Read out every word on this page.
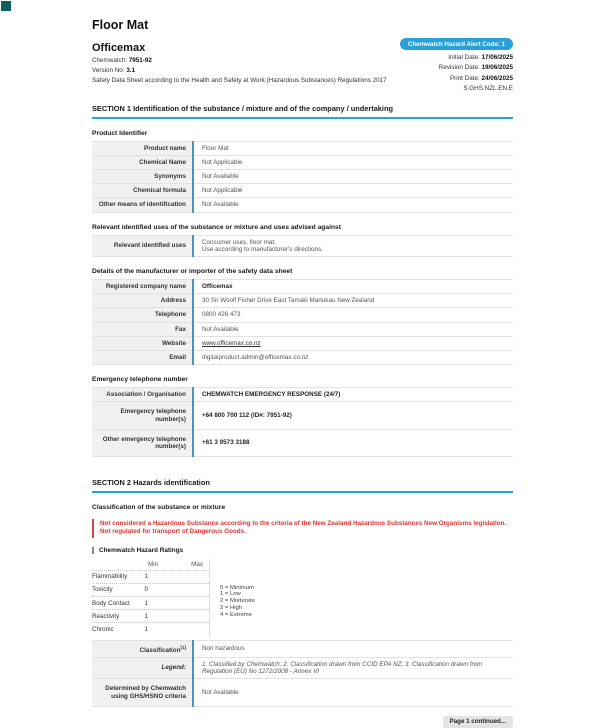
Floor Mat
Officemax
Chemwatch: 7951-92
Version No: 3.1
Safety Data Sheet according to the Health and Safety at Work (Hazardous Substances) Regulations 2017
Chemwatch Hazard Alert Code: 1
Initial Date: 17/06/2025
Revision Date: 19/06/2025
Print Date: 24/06/2025
S.GHS.NZL.EN.E
SECTION 1 Identification of the substance / mixture and of the company / undertaking
Product Identifier
Product name	Floor Mat
Chemical Name	Not Applicable
Synonyms	Not Available
Chemical formula	Not Applicable
Other means of identification	Not Available
Relevant identified uses of the substance or mixture and uses advised against
Relevant identified uses	
Consumer uses, floor mat.
Use according to manufacturer's directions.
Details of the manufacturer or importer of the safety data sheet
Registered company name	Officemax
Address	30 Sir Woolf Fisher Drive East Tamaki Manukau New Zealand
Telephone	0800 426 473
Fax	Not Available
Website	www.officemax.co.nz
Email	digitalproduct.admin@officemax.co.nz
Emergency telephone number
Association / Organisation	CHEMWATCH EMERGENCY RESPONSE (24/7)
Emergency telephone number(s)	+64 800 700 112 (ID#: 7951-92)
Other emergency telephone number(s)	+61 3 9573 3188
SECTION 2 Hazards identification
Classification of the substance or mixture
Not considered a Hazardous Substance according to the criteria of the New Zealand Hazardous Substances New Organisms legislation. Not regulated for transport of Dangerous Goods.
Chemwatch Hazard Ratings
Min	Max
Flammability	1
Toxicity	0
Body Contact	1
Reactivity	1
Chronic	1
0 = Minimum
1 = Low
2 = Moderate
3 = High
4 = Extreme
Classification[1]	Non hazardous
Legend:	1. Classified by Chemwatch; 2. Classification drawn from CCID EPA NZ; 3. Classification drawn from Regulation (EU) No 1272/2008 - Annex VI
Determined by Chemwatch using GHS/HSNO criteria	Not Available
Page 1 continued...
